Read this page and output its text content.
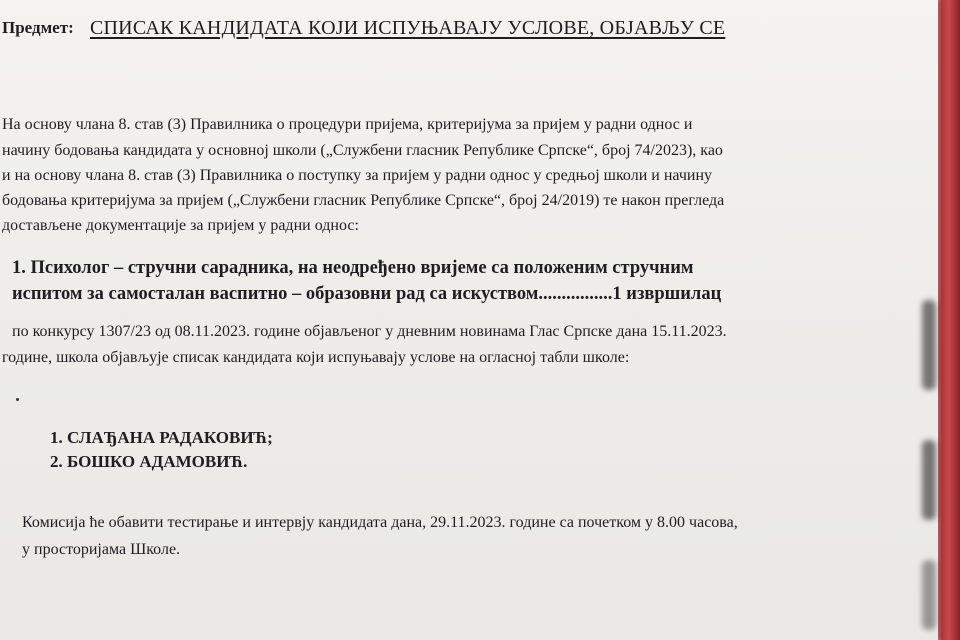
Предмет: СПИСАК КАНДИДАТА КОЈИ ИСПУЊАВАЈУ УСЛОВЕ, ОБЈАВЉУ СЕ
На основу члана 8. став (3) Правилника о процедури пријема, критеријума за пријем у радни однос и
начину бодовања кандидата у основној школи („Службени гласник Републике Српске“, број 74/2023), као
и на основу члана 8. став (3) Правилника о поступку за пријем у радни однос у средњој школи и начину
бодовања критеријума за пријем („Службени гласник Републике Српске“, број 24/2019) те након прегледа
достављене документације за пријем у радни однос:
1. Психолог – стручни сарадника, на неодређено вријеме са положеним стручним
испитом за самосталан васпитно – образовни рад са искуством................1 извршилац
по конкурсу 1307/23 од 08.11.2023. године објављеног у дневним новинама Глас Српске дана 15.11.2023.
године, школа објављује списак кандидата који испуњавају услове на огласној табли школе:
1. СЛАЂАНА РАДАКОВИЋ;
2. БОШКО АДАМОВИЋ.
Комисија ће обавити тестирање и интервју кандидата дана, 29.11.2023. године са почетком у 8.00 часова,
у просторијама Школе.
